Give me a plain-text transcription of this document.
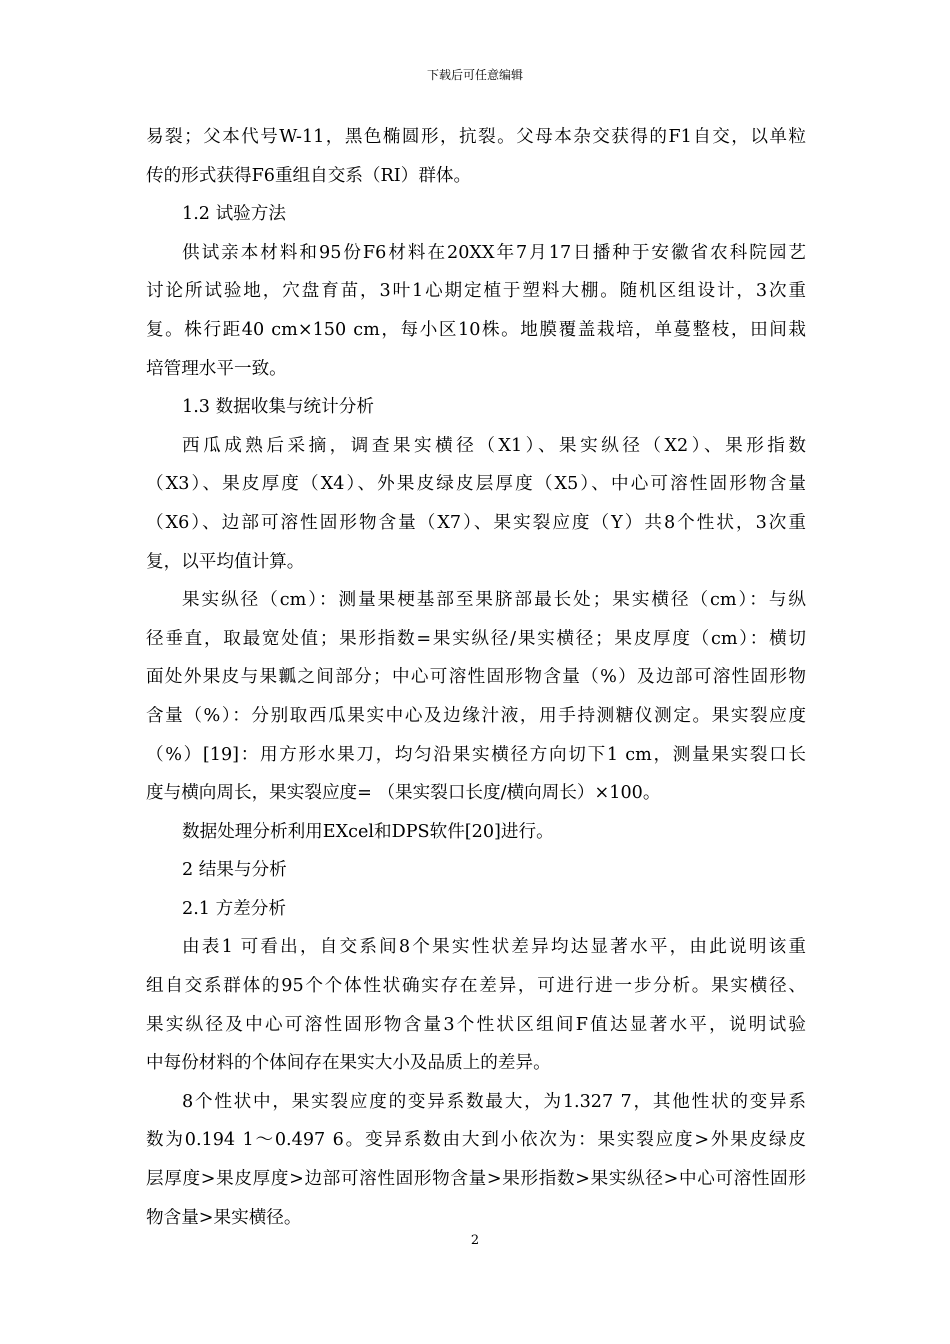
下载后可任意编辑
易裂；父本代号W-11，黑色椭圆形，抗裂。父母本杂交获得的F1自交，以单粒
传的形式获得F6重组自交系（RI）群体。
1.2 试验方法
供试亲本材料和95份F6材料在20XX年7月17日播种于安徽省农科院园艺
讨论所试验地，穴盘育苗，3叶1心期定植于塑料大棚。随机区组设计，3次重
复。株行距40 cm×150 cm，每小区10株。地膜覆盖栽培，单蔓整枝，田间栽
培管理水平一致。
1.3 数据收集与统计分析
西瓜成熟后采摘，调查果实横径（X1）、果实纵径（X2）、果形指数
（X3）、果皮厚度（X4）、外果皮绿皮层厚度（X5）、中心可溶性固形物含量
（X6）、边部可溶性固形物含量（X7）、果实裂应度（Y）共8个性状，3次重
复，以平均值计算。
果实纵径（cm）：测量果梗基部至果脐部最长处；果实横径（cm）：与纵
径垂直，取最宽处值；果形指数=果实纵径/果实横径；果皮厚度（cm）：横切
面处外果皮与果瓤之间部分；中心可溶性固形物含量（%）及边部可溶性固形物
含量（%）：分别取西瓜果实中心及边缘汁液，用手持测糖仪测定。果实裂应度
（%）[19]：用方形水果刀，均匀沿果实横径方向切下1 cm，测量果实裂口长
度与横向周长，果实裂应度= （果实裂口长度/横向周长）×100。
数据处理分析利用EXcel和DPS软件[20]进行。
2 结果与分析
2.1 方差分析
由表1 可看出，自交系间8个果实性状差异均达显著水平，由此说明该重
组自交系群体的95个个体性状确实存在差异，可进行进一步分析。果实横径、
果实纵径及中心可溶性固形物含量3个性状区组间F值达显著水平，说明试验
中每份材料的个体间存在果实大小及品质上的差异。
8个性状中，果实裂应度的变异系数最大，为1.327 7，其他性状的变异系
数为0.194 1～0.497 6。变异系数由大到小依次为：果实裂应度>外果皮绿皮
层厚度>果皮厚度>边部可溶性固形物含量>果形指数>果实纵径>中心可溶性固形
物含量>果实横径。
2
